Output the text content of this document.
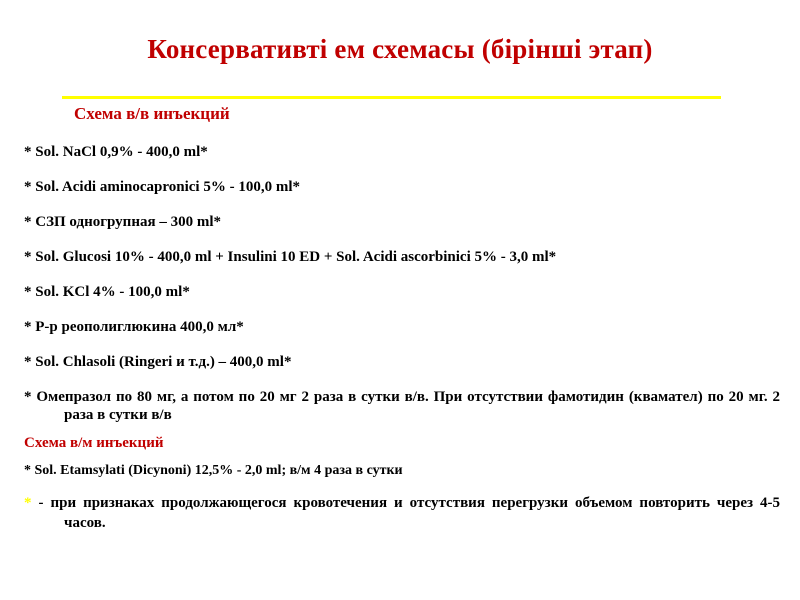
Консервативті ем схемасы (бірінші этап)
Схема в/в инъекций
* Sol. NaCl 0,9% - 400,0 ml*
* Sol. Acidi aminocapronici 5% - 100,0 ml*
* СЗП одногрупная – 300 ml*
* Sol. Glucosi 10% - 400,0 ml + Insulini 10 ED + Sol. Acidi ascorbinici 5% - 3,0 ml*
* Sol. KCl 4% - 100,0 ml*
* Р-р реополиглюкина 400,0 мл*
* Sol. Chlasoli (Ringeri и т.д.) – 400,0 ml*
* Омепразол по 80 мг, а потом по 20 мг 2 раза в сутки в/в. При отсутствии фамотидин (квамател) по 20 мг. 2 раза в сутки в/в
Схема в/м инъекций
* Sol. Etamsylati (Dicynoni) 12,5% - 2,0 ml; в/м 4 раза в сутки
* - при признаках продолжающегося кровотечения и отсутствия перегрузки объемом повторить через 4-5 часов.
